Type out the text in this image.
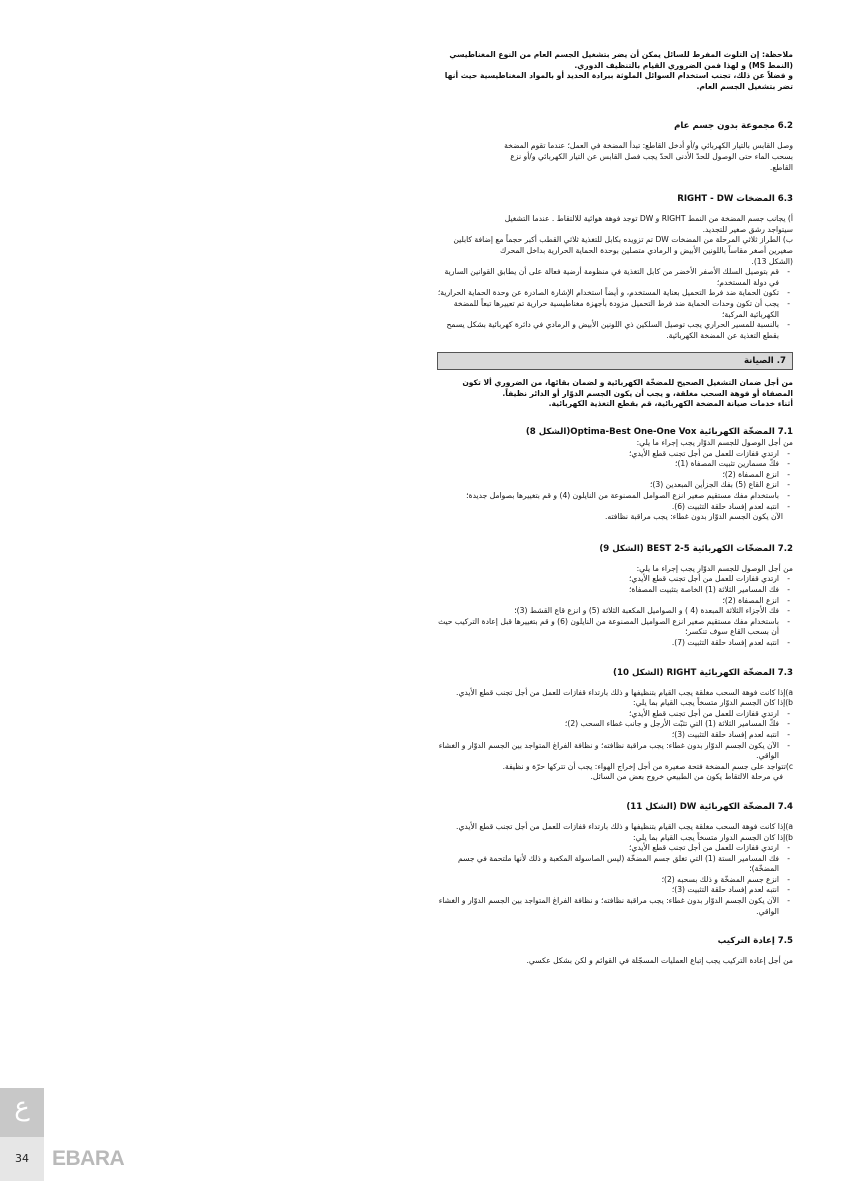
ملاحظة: إن التلوث المفرط للسائل يمكن أن يضر بتشغيل الجسم العام من النوع المغناطيسي

(النمط MS) و لهذا فمن الضروري القيام بالتنظيف الدوري.

و فضلاً عن ذلك، تجنب استخدام السوائل الملوثة ببرادة الحديد أو بالمواد المغناطيسية حيث أنها

تضر بتشغيل الجسم العام.

6.2 مجموعة بدون جسم عام

وصل القابس بالتيار الكهربائي و/أو أدخل القاطع: تبدأ المضخة في العمل؛ عندما تقوم المضخة

بسحب الماء حتى الوصول للحدّ الأدنى الحدّ يجب فصل القابس عن التيار الكهربائي و/أو نزع

القاطع.

6.3 المضخات RIGHT - DW

أ) يجانب جسم المضخة من النمط RIGHT و DW توجد فوهة هوائية للالتقاط . عندما التشغيل

سيتواجد رشق صغير للتجديد.

ب) الطراز ثلاثي المرحلة من المضخات DW تم تزويده بكابل للتغذية ثلاثي القطب أكبر حجماً مع إضافة كابلين

صغيرين أصغر مقاساً باللونين الأبيض و الرمادي متصلين بوحدة الحماية الحرارية بداخل المحرك

(الشكل 13).

- قم بتوصيل السلك الأصفر الأخضر من كابل التغذية في منظومة أرضية فعالة على أن يطابق القوانين السارية في دولة المستخدم؛
- تكون الحماية ضد فرط التحميل بعناية المستخدم، و أيضاً استخدام الإشارة الصادرة عن وحدة الحماية الحرارية؛
- يجب أن تكون وحدات الحماية ضد فرط التحميل مزودة بأجهزة مغناطيسية حرارية تم تعييرها تبعاً للمضخة الكهربائية المركبة؛
- بالنسبة للمسير الحراري يجب توصيل السلكين ذي اللونين الأبيض و الرمادي في دائرة كهربائية بشكل يسمح بقطع التغذية عن المضخة الكهربائية.
7. الصيانة

من أجل ضمان التشغيل الصحيح للمضخّة الكهربائية و لضمان بقائها، من الضروري ألا تكون

المصفاة أو فوهة السحب مغلقة، و يجب أن يكون الجسم الدوّار أو الدائر نظيفاً.

أثناء خدمات صيانة المضخة الكهربائية، قم بقطع التغذية الكهربائية.

7.1 المضخّة الكهربائية Optima-Best One-One Vox(الشكل 8)

من أجل الوصول للجسم الدوّار يجب إجراء ما يلي:

- ارتدي قفازات للعمل من أجل تجنب قطع الأيدي؛
- فكّ مسمارين تثبيت المصفاة (1)؛
- انزع المصفاة (2)؛
- انزع القاع (5) بفك الجزأين المبعدين (3)؛
- باستخدام مفك مستقيم صغير انزع الصوامل المصنوعة من النايلون (4) و قم بتغييرها بصوامل جديدة؛
- انتبه لعدم إفساد حلقة التثبيت (6).

الآن يكون الجسم الدوّار بدون غطاء: يجب مراقبة نظافته.

7.2 المضخّات الكهربائية BEST 2-5 (الشكل 9)

من أجل الوصول للجسم الدوّار يجب إجراء ما يلي:

- ارتدي قفازات للعمل من أجل تجنب قطع الأيدي؛
- فك المسامير الثلاثة (1) الخاصة بتثبيت المصفاة؛
- انزع المصفاة (2)؛
- فك الأجزاء الثلاثة المبعدة (4 ) و الصواميل المكعبة الثلاثة (5) و انزع قاع القشط (3)؛
- باستخدام مفك مستقيم صغير انزع الصواميل المصنوعة من النايلون (6) و قم بتغييرها قبل إعادة التركيب حيث أن بسحب القاع سوف تنكسر؛
- انتبه لعدم إفساد حلقة التثبيت (7).
7.3 المضخّة الكهربائية RIGHT (الشكل 10)

a)إذا كانت فوهة السحب مغلقة يجب القيام بتنظيفها و ذلك بارتداء قفازات للعمل من أجل تجنب قطع الأيدي.

b)إذا كان الجسم الدوّار متسخاً يجب القيام بما يلي:

- ارتدي قفازات للعمل من أجل تجنب قطع الأيدي؛
- فكّ المسامير الثلاثة (1) التي تثبّت الأرجل و جانب غطاء السحب (2)؛
- انتبه لعدم إفساد حلقة التثبيت (3)؛
- الآن يكون الجسم الدوّار بدون غطاء: يجب مراقبة نظافته؛ و نظافة الفراغ المتواجد بين الجسم الدوّار و الغشاء الواقي.

c)تتواجد على جسم المضخة فتحة صغيرة من أجل إخراج الهواء: يجب أن تتركها حرّة و نظيفة.

في مرحلة الالتقاط يكون من الطبيعي خروج بعض من السائل.

7.4 المضخّة الكهربائية DW (الشكل 11)

a)إذا كانت فوهة السحب مغلقة يجب القيام بتنظيفها و ذلك بارتداء قفازات للعمل من أجل تجنب قطع الأيدي.

b)إذا كان الجسم الدوار متسخاً يجب القيام بما يلي:

- ارتدي قفازات للعمل من أجل تجنب قطع الأيدي؛
- فك المسامير الستة (1) التي تغلق جسم المضخّة (ليس الصاسولة المكعبة و ذلك لأنها ملتحمة في جسم المضخّة)؛
- انزع جسم المضخّة و ذلك بسحبه (2)؛
- انتبه لعدم إفساد حلقة التثبيت (3)؛
- الآن يكون الجسم الدوّار بدون غطاء: يجب مراقبة نظافته؛ و نظافة الفراغ المتواجد بين الجسم الدوّار و الغشاء الواقي.
7.5 إعادة التركيب

من أجل إعادة التركيب يجب إتباع العمليات المسجّلة في القوائم و لكن بشكل عكسي.

ع
34	EBARA
